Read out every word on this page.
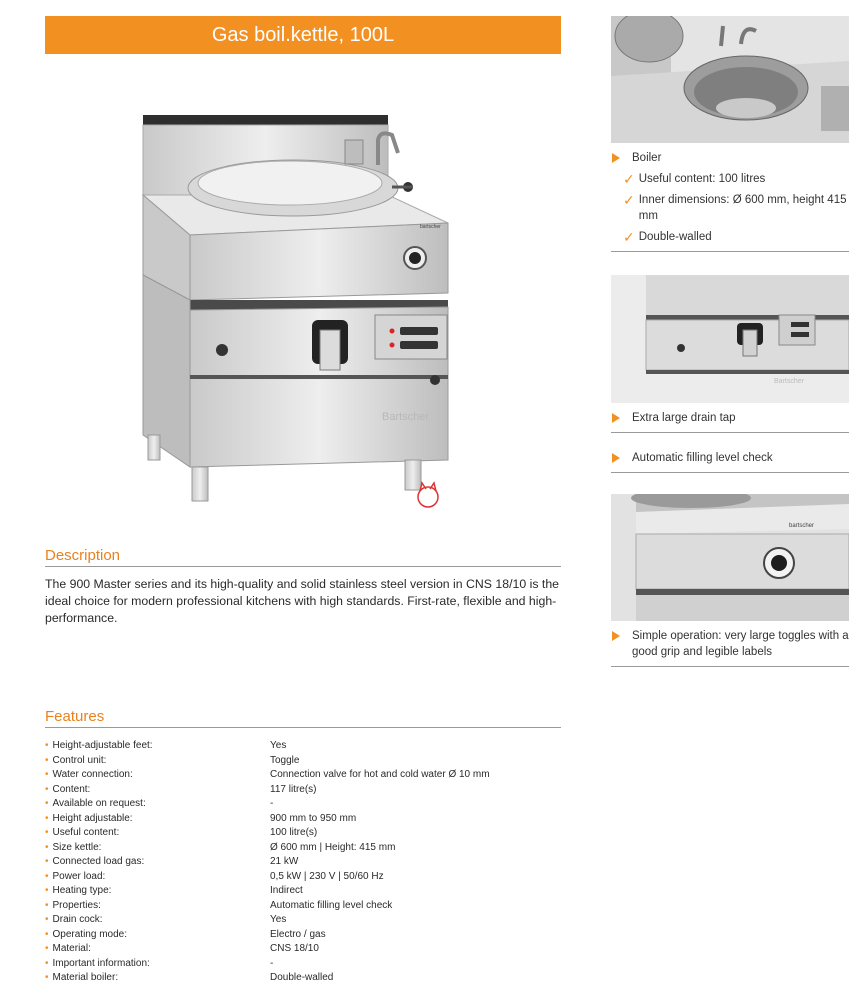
Gas boil.kettle, 100L
bartscher
Bartscher
Description
The 900 Master series and its high-quality and solid stainless steel version in CNS 18/10 is the ideal choice for modern professional kitchens with high standards. First-rate, flexible and high-performance.
Features
• Height-adjustable feet:	Yes
• Control unit:	Toggle
• Water connection:	Connection valve for hot and cold water Ø 10 mm
• Content:	117 litre(s)
• Available on request:	-
• Height adjustable:	900 mm to 950 mm
• Useful content:	100 litre(s)
• Size kettle:	Ø 600 mm | Height: 415 mm
• Connected load gas:	21 kW
• Power load:	0,5 kW | 230 V | 50/60 Hz
• Heating type:	Indirect
• Properties:	Automatic filling level check
• Drain cock:	Yes
• Operating mode:	Electro / gas
• Material:	CNS 18/10
• Important information:	-
• Material boiler:	Double-walled
Boiler
✓ Useful content: 100 litres
✓ Inner dimensions: Ø 600 mm, height 415 mm
✓ Double-walled
Bartscher
Extra large drain tap
Automatic filling level check
bartscher
Simple operation: very large toggles with a good grip and legible labels
